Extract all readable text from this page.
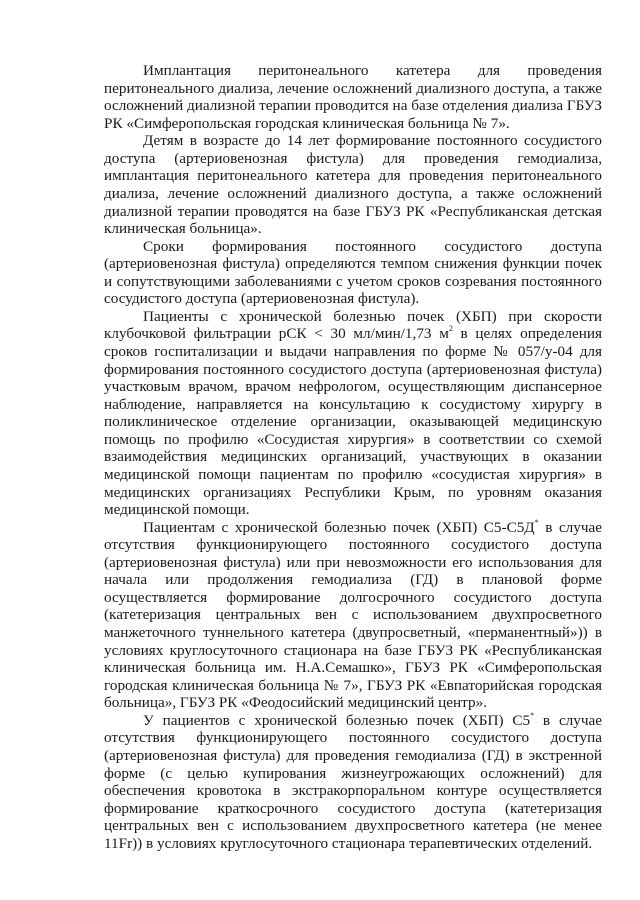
Имплантация перитонеального катетера для проведения перитонеального диализа, лечение осложнений диализного доступа, а также осложнений диализной терапии проводится на базе отделения диализа ГБУЗ РК «Симферопольская городская клиническая больница № 7».

Детям в возрасте до 14 лет формирование постоянного сосудистого доступа (артериовенозная фистула) для проведения гемодиализа, имплантация перитонеального катетера для проведения перитонеального диализа, лечение осложнений диализного доступа, а также осложнений диализной терапии проводятся на базе ГБУЗ РК «Республиканская детская клиническая больница».

Сроки формирования постоянного сосудистого доступа (артериовенозная фистула) определяются темпом снижения функции почек и сопутствующими заболеваниями с учетом сроков созревания постоянного сосудистого доступа (артериовенозная фистула).

Пациенты с хронической болезнью почек (ХБП) при скорости клубочковой фильтрации рСК < 30 мл/мин/1,73 $м^2$ в целях определения сроков госпитализации и выдачи направления по форме № 057/у-04 для формирования постоянного сосудистого доступа (артериовенозная фистула) участковым врачом, врачом нефрологом, осуществляющим диспансерное наблюдение, направляется на консультацию к сосудистому хирургу в поликлиническое отделение организации, оказывающей медицинскую помощь по профилю «Сосудистая хирургия» в соответствии со схемой взаимодействия медицинских организаций, участвующих в оказании медицинской помощи пациентам по профилю «сосудистая хирургия» в медицинских организациях Республики Крым, по уровням оказания медицинской помощи.

Пациентам с хронической болезнью почек (ХБП) С5-С5Д* в случае отсутствия функционирующего постоянного сосудистого доступа (артериовенозная фистула) или при невозможности его использования для начала или продолжения гемодиализа (ГД) в плановой форме осуществляется формирование долгосрочного сосудистого доступа (катетеризация центральных вен с использованием двухпросветного манжеточного туннельного катетера (двупросветный, «перманентный»)) в условиях круглосуточного стационара на базе ГБУЗ РК «Республиканская клиническая больница им. Н.А.Семашко», ГБУЗ РК «Симферопольская городская клиническая больница № 7», ГБУЗ РК «Евпаторийская городская больница», ГБУЗ РК «Феодосийский медицинский центр».

У пациентов с хронической болезнью почек (ХБП) С5* в случае отсутствия функционирующего постоянного сосудистого доступа (артериовенозная фистула) для проведения гемодиализа (ГД) в экстренной форме (с целью купирования жизнеугрожающих осложнений) для обеспечения кровотока в экстракорпоральном контуре осуществляется формирование краткосрочного сосудистого доступа (катетеризация центральных вен с использованием двухпросветного катетера (не менее 11Fr)) в условиях круглосуточного стационара терапевтических отделений.
